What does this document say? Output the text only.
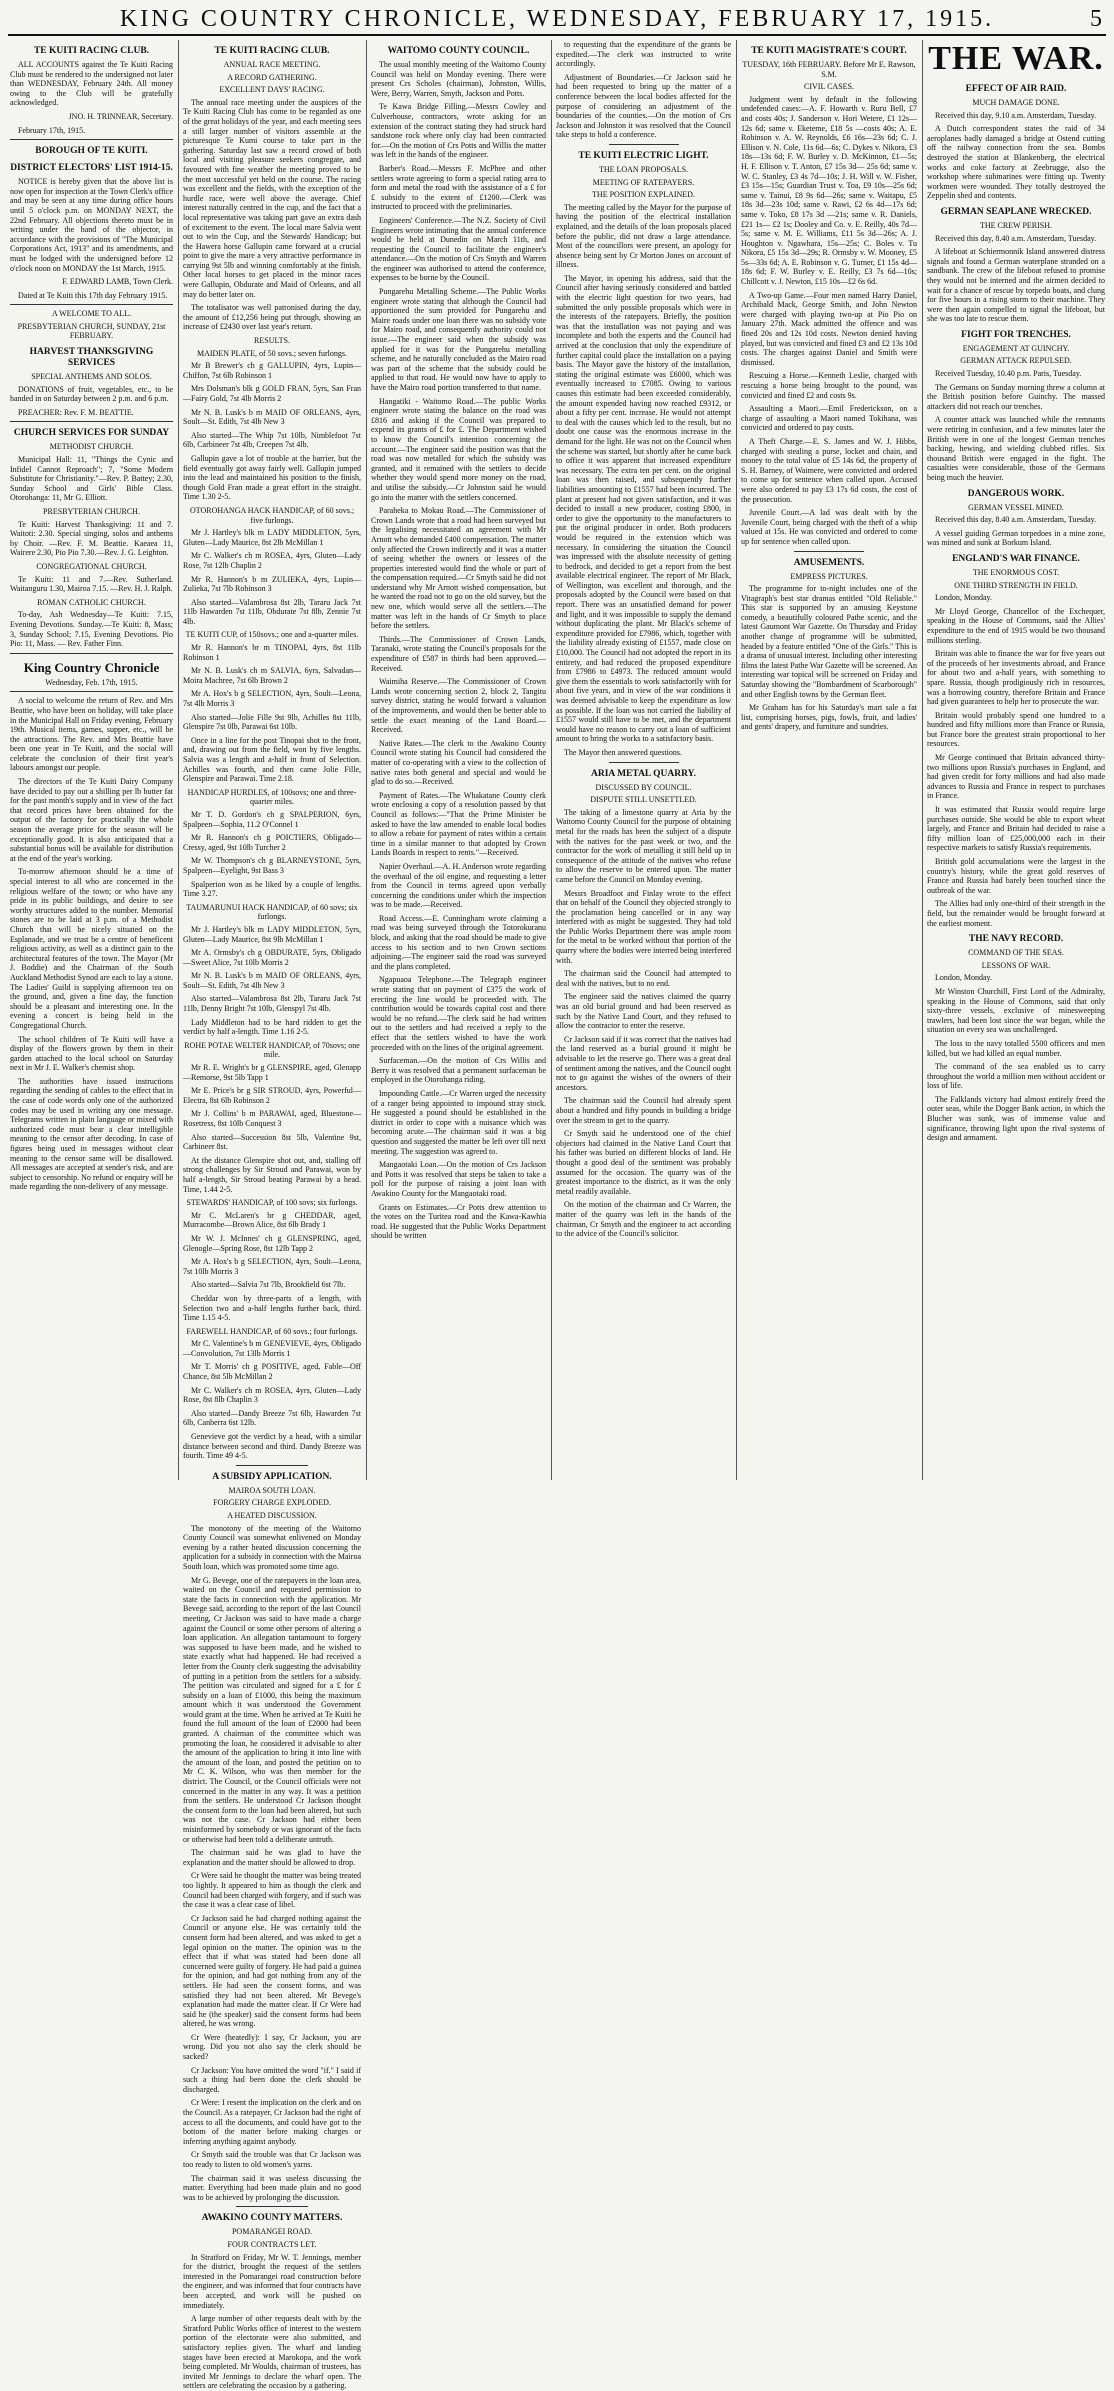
KING COUNTRY CHRONICLE, WEDNESDAY, FEBRUARY 17, 1915.	5
TE KUITI RACING CLUB.
ALL ACCOUNTS against the Te Kuiti Racing Club must be rendered to the undersigned not later than WEDNESDAY, February 24th. All money owing to the Club will be gratefully acknowledged.
JNO. H. TRINNEAR, Secretary.
February 17th, 1915.
BOROUGH OF TE KUITI.
DISTRICT ELECTORS' LIST 1914-15.
NOTICE is hereby given that the above list is now open for inspection at the Town Clerk's office and may be seen at any time during office hours until 5 o'clock p.m. on MONDAY NEXT, the 22nd February. All objections thereto must be in writing under the hand of the objector, in accordance with the provisions of "The Municipal Corporations Act, 1913" and its amendments, and must be lodged with the undersigned before 12 o'clock noon on MONDAY the 1st March, 1915.
F. EDWARD LAMB, Town Clerk.
Dated at Te Kuiti this 17th day February 1915.
A WELCOME TO ALL.
PRESBYTERIAN CHURCH, SUNDAY, 21st FEBRUARY.
HARVEST THANKSGIVING SERVICES
SPECIAL ANTHEMS AND SOLOS.
DONATIONS of fruit, vegetables, etc., to be handed in on Saturday between 2 p.m. and 6 p.m.
PREACHER: Rev. F. M. BEATTIE.
CHURCH SERVICES FOR SUNDAY
METHODIST CHURCH.
Municipal Hall: 11, "Things the Cynic and Infidel Cannot Reproach"; 7, "Some Modern Substitute for Christianity."—Rev. P. Battey; 2.30, Sunday School and Girls' Bible Class. Otorohanga: 11, Mr G. Elliott.
PRESBYTERIAN CHURCH.
Te Kuiti: Harvest Thanksgiving: 11 and 7. Waitoti: 2.30. Special singing, solos and anthems by Choir. —Rev. F. M. Beattie. Kaeaea 11, Wairere 2.30, Pio Pio 7.30.—Rev. J. G. Leighton.
CONGREGATIONAL CHURCH.
Te Kuiti: 11 and 7.—Rev. Sutherland. Waitanguru 1.30, Mairoa 7.15. —Rev. H. J. Ralph.
ROMAN CATHOLIC CHURCH.
To-day, Ash Wednesday—Te Kuiti: 7.15, Evening Devotions. Sunday.—Te Kuiti: 8, Mass; 3, Sunday School; 7.15, Evening Devotions. Pio Pio: 11, Mass. — Rev. Father Finn.
King Country Chronicle
Wednesday, Feb. 17th, 1915.
A social to welcome the return of Rev. and Mrs Beattie, who have been on holiday, will take place in the Municipal Hall on Friday evening, February 19th. Musical items, games, supper, etc., will be the attractions. The Rev. and Mrs Beattie have been one year in Te Kuiti, and the social will celebrate the conclusion of their first year's labours amongst our people.
The directors of the Te Kuiti Dairy Company have decided to pay out a shilling per lb butter fat for the past month's supply and in view of the fact that record prices have been obtained for the output of the factory for practically the whole season the average price for the season will be exceptionally good. It is also anticipated that a substantial bonus will be available for distribution at the end of the year's working.
To-morrow afternoon should be a time of special interest to all who are concerned in the religious welfare of the town; or who have any pride in its public buildings, and desire to see worthy structures added to the number. Memorial stones are to be laid at 3 p.m. of a Methodist Church that will be nicely situated on the Esplanade, and we trust be a centre of beneficent religious activity, as well as a distinct gain to the architectural features of the town. The Mayor (Mr J. Boddie) and the Chairman of the South Auckland Methodist Synod are each to lay a stone. The Ladies' Guild is supplying afternoon tea on the ground, and, given a fine day, the function should be a pleasant and interesting one. In the evening a concert is being held in the Congregational Church.
The school children of Te Kuiti will have a display of the flowers grown by them in their garden attached to the local school on Saturday next in Mr J. E. Walker's chemist shop.
The authorities have issued instructions regarding the sending of cables to the effect that in the case of code words only one of the authorized codes may be used in writing any one message. Telegrams written in plain language or mixed with authorized code must bear a clear intelligible meaning to the censor after decoding. In case of figures being used in messages without clear meaning to the censor same will be disallowed. All messages are accepted at sender's risk, and are subject to censorship. No refund or enquiry will be made regarding the non-delivery of any message.
TE KUITI RACING CLUB.
ANNUAL RACE MEETING.
A RECORD GATHERING.
EXCELLENT DAYS' RACING.
The annual race meeting under the auspices of the Te Kuiti Racing Club has come to be regarded as one of the great holidays of the year, and each meeting sees a still larger number of visitors assemble at the picturesque Te Kumi course to take part in the gathering. Saturday last saw a record crowd of both local and visiting pleasure seekers congregate, and favoured with fine weather the meeting proved to be the most successful yet held on the course. The racing was excellent and the fields, with the exception of the hurdle race, were well above the average. Chief interest naturally centred in the cup, and the fact that a local representative was taking part gave an extra dash of excitement to the event. The local mare Salvia went out to win the Cup, and the Stewards' Handicap; but the Hawera horse Gallupin came forward at a crucial point to give the mare a very attractive performance in carrying 9st 5lb and winning comfortably at the finish. Other local horses to get placed in the minor races were Gallupin, Obdurate and Maid of Orleans, and all may do better later on.
The totalisator was well patronised during the day, the amount of £12,256 being put through, showing an increase of £2430 over last year's return.
RESULTS.
MAIDEN PLATE, of 50 sovs.; seven furlongs.
Mr B Brewer's ch g GALLUPIN, 4yrs, Lupin—Chiffon, 7st 6lb Robinson 1
Mrs Dolsman's blk g GOLD FRAN, 5yrs, San Fran—Fairy Gold, 7st 4lb Morris 2
Mr N. B. Lusk's b m MAID OF ORLEANS, 4yrs, Soult—St. Edith, 7st 4lb New 3
Also started—The Whip 7st 10lb, Nimblefoot 7st 6lb, Carbineer 7st 4lb, Creepen 7st 4lb.
Gallupin gave a lot of trouble at the barrier, but the field eventually got away fairly well. Gallupin jumped into the lead and maintained his position to the finish, though Gold Fran made a great effort in the straight. Time 1.30 2-5.
OTOROHANGA HACK HANDICAP, of 60 sovs.; five furlongs.
Mr J. Hartley's blk m LADY MIDDLETON, 5yrs, Gluten—Lady Maurice, 8st 2lb McMillan 1
Mr C. Walker's ch m ROSEA, 4yrs, Gluten—Lady Rose, 7st 12lb Chaplin 2
Mr R. Hannon's b m ZULIEKA, 4yrs, Lupin—Zulieka, 7st 7lb Robinson 3
Also started—Valambrosa 8st 2lb, Tararu Jack 7st 11lb Hawarden 7st 11lb, Obdurate 7st 8lb, Zennie 7st 4lb.
TE KUITI CUP, of 150sovs.; one and a-quarter miles.
Mr R. Hannon's br m TINOPAI, 4yrs, 8st 11lb Robinson 1
Mr N. B. Lusk's ch m SALVIA, 6yrs, Salvadan—Moira Machree, 7st 6lb Brown 2
Mr A. Hox's b g SELECTION, 4yrs, Soult—Leona, 7st 4lb Morris 3
Also started—Jolie Fille 9st 9lb, Achilles 8st 11lb, Glenspire 7st 0lb, Parawai 6st 10lb.
Once in a line for the post Tinopai shot to the front, and, drawing out from the field, won by five lengths. Salvia was a length and a-half in front of Selection. Achilles was fourth, and then came Jolie Fille, Glenspire and Parawai. Time 2.18.
HANDICAP HURDLES, of 100sovs; one and three-quarter miles.
Mr T. D. Gordon's ch g SPALPERION, 6yrs, Spalpeen—Sophia, 11.2 O'Connel 1
Mr R. Hannon's ch g POICTIERS, Obligado—Cressy, aged, 9st 10lb Turcher 2
Mr W. Thompson's ch g BLARNEYSTONE, 5yrs, Spalpeen—Eyelight, 9st Bass 3
Spalperion won as he liked by a couple of lengths. Time 3.27.
TAUMARUNUI HACK HANDICAP, of 60 sovs; six furlongs.
Mr J. Hartley's blk m LADY MIDDLETON, 5yrs, Gluten—Lady Maurice, 8st 9lb McMillan 1
Mr A. Ormsby's ch g OBDURATE, 5yrs, Obligado—Sweet Alice, 7st 10lb Morris 2
Mr N. B. Lusk's b m MAID OF ORLEANS, 4yrs, Soult—St. Edith, 7st 4lb New 3
Also started—Valambrosa 8st 2lb, Tararu Jack 7st 11lb, Denny Bright 7st 10lb, Glenspyl 7st 4lb.
Lady Middleton had to be hard ridden to get the verdict by half a-length. Time 1.16 2-5.
ROHE POTAE WELTER HANDICAP, of 70sovs; one mile.
Mr R. E. Wright's br g GLENSPIRE, aged, Glenapp—Remorse, 9st 5lb Tapp 1
Mr E. Price's br g SIR STROUD, 4yrs, Powerful—Electra, 8st 6lb Robinson 2
Mr J. Collins' b m PARAWAI, aged, Bluestone—Rosetress, 8st 10lb Conquest 3
Also started—Succession 8st 5lb, Valentine 9st, Carbineer 8st.
At the distance Glenspire shot out, and, stalling off strong challenges by Sir Stroud and Parawai, won by half a-length, Sir Stroud beating Parawai by a head. Time, 1.44 2-5.
STEWARDS' HANDICAP, of 100 sovs; six furlongs.
Mr C. McLaren's br g CHEDDAR, aged, Murracombe—Brown Alice, 8st 6lb Brady 1
Mr W. J. McInnes' ch g GLENSPRING, aged, Glenogle—Spring Rose, 8st 12lb Tapp 2
Mr A. Hox's b g SELECTION, 4yrs, Soult—Leona, 7st 10lb Morris 3
Also started—Salvia 7st 7lb, Brookfield 6st 7lb.
Cheddar won by three-parts of a length, with Selection two and a-half lengths further back, third. Time 1.15 4-5.
FAREWELL HANDICAP, of 60 sovs.; four furlongs.
Mr C. Valentine's b m GENEVIEVE, 4yrs, Obligado—Convolution, 7st 13lb Morris 1
Mr T. Morris' ch g POSITIVE, aged, Fable—Off Chance, 8st 5lb McMillan 2
Mr C. Walker's ch m ROSEA, 4yrs, Gluten—Lady Rose, 8st 8lb Chaplin 3
Also started—Dandy Breeze 7st 6lb, Hawarden 7st 6lb, Canberra 6st 12lb.
Genevieve got the verdict by a head, with a similar distance between second and third. Dandy Breeze was fourth. Time 49 4-5.
A SUBSIDY APPLICATION.
MAIROA SOUTH LOAN.
FORGERY CHARGE EXPLODED.
A HEATED DISCUSSION.
The monotony of the meeting of the Waitomo County Council was somewhat enlivened on Monday evening by a rather heated discussion concerning the application for a subsidy in connection with the Mairoa South loan, which was promoted some time ago.
Mr G. Bevege, one of the ratepayers in the loan area, waited on the Council and requested permission to state the facts in connection with the application. Mr Bevege said, according to the report of the last Council meeting, Cr Jackson was said to have made a charge against the Council or some other persons of altering a loan application. An allegation tantamount to forgery was supposed to have been made, and he wished to state exactly what had happened. He had received a letter from the County clerk suggesting the advisability of putting in a petition from the settlers for a subsidy. The petition was circulated and signed for a £ for £ subsidy on a loan of £1000, this being the maximum amount which it was understood the Government would grant at the time. When he arrived at Te Kuiti he found the full amount of the loan of £2000 had been granted. A chairman of the committee which was promoting the loan, he considered it advisable to alter the amount of the application to bring it into line with the amount of the loan, and posted the petition on to Mr C. K. Wilson, who was then member for the district. The Council, or the Council officials were not concerned in the matter in any way. It was a petition from the settlers. He understood Cr Jackson thought the consent form to the loan had been altered, but such was not the case. Cr Jackson had either been misinformed by somebody or was ignorant of the facts or otherwise had been told a deliberate untruth.
The chairman said he was glad to have the explanation and the matter should be allowed to drop.
Cr Were said he thought the matter was being treated too lightly. It appeared to him as though the clerk and Council had been charged with forgery, and if such was the case it was a clear case of libel.
Cr Jackson said he had charged nothing against the Council or anyone else. He was certainly told the consent form had been altered, and was asked to get a legal opinion on the matter. The opinion was to the effect that if what was stated had been done all concerned were guilty of forgery. He had paid a guinea for the opinion, and had got nothing from any of the settlers. He had seen the consent forms, and was satisfied they had not been altered. Mr Bevege's explanation had made the matter clear. If Cr Were had said he (the speaker) said the consent forms had been altered, he was wrong.
Cr Were (heatedly): I say, Cr Jackson, you are wrong. Did you not also say the clerk should be sacked?
Cr Jackson: You have omitted the word "if." I said if such a thing had been done the clerk should be discharged.
Cr Were: I resent the implication on the clerk and on the Council. As a ratepayer, Cr Jackson had the right of access to all the documents, and could have got to the bottom of the matter before making charges or inferring anything against anybody.
Cr Smyth said the trouble was that Cr Jackson was too ready to listen to old women's yarns.
The chairman said it was useless discussing the matter. Everything had been made plain and no good was to be achieved by prolonging the discussion.
AWAKINO COUNTY MATTERS.
POMARANGEI ROAD.
FOUR CONTRACTS LET.
In Stratford on Friday, Mr W. T. Jennings, member for the district, brought the request of the settlers interested in the Pomarangei road construction before the engineer, and was informed that four contracts have been accepted, and work will be pushed on immediately.
A large number of other requests dealt with by the Stratford Public Works office of interest to the western portion of the electorate were also submitted, and satisfactory replies given. The wharf and landing stages have been erected at Marokopa, and the work being completed. Mr Woulds, chairman of trustees, has invited Mr Jennings to declare the wharf open. The settlers are celebrating the occasion by a gathering.
WAITOMO COUNTY COUNCIL.
The usual monthly meeting of the Waitomo County Council was held on Monday evening. There were present Crs Scholes (chairman), Johnston, Willis, Were, Berry, Warren, Smyth, Jackson and Potts.
Te Kawa Bridge Filling.—Messrs Cowley and Culverhouse, contractors, wrote asking for an extension of the contract stating they had struck hard sandstone rock where only clay had been contracted for.—On the motion of Crs Potts and Willis the matter was left in the hands of the engineer.
Barber's Road.—Messrs F. McPhee and other settlers wrote agreeing to form a special rating area to form and metal the road with the assistance of a £ for £ subsidy to the extent of £1200.—Clerk was instructed to proceed with the preliminaries.
Engineers' Conference.—The N.Z. Society of Civil Engineers wrote intimating that the annual conference would be held at Dunedin on March 11th, and requesting the Council to facilitate the engineer's attendance.—On the motion of Crs Smyth and Warren the engineer was authorised to attend the conference, expenses to be borne by the Council.
Pungarehu Metalling Scheme.—The Public Works engineer wrote stating that although the Council had apportioned the sum provided for Pungarehu and Maire roads under one loan there was no subsidy vote for Mairo road, and consequently authority could not issue.—The engineer said when the subsidy was applied for it was for the Pungarehu metalling scheme, and he naturally concluded as the Mairo road was part of the scheme that the subsidy could be applied to that road. He would now have to apply to have the Mairo road portion transferred to that name.
Hangatiki - Waitomo Road.—The public Works engineer wrote stating the balance on the road was £816 and asking if the Council was prepared to expend its grants of £ for £. The Department wished to know the Council's intention concerning the account.—The engineer said the position was that the road was now metalled for which the subsidy was granted, and it remained with the settlers to decide whether they would spend more money on the road, and utilise the subsidy.—Cr Johnston said he would go into the matter with the settlers concerned.
Paraheka to Mokau Road.—The Commissioner of Crown Lands wrote that a road had been surveyed but the legalising necessitated an agreement with Mr Arnott who demanded £400 compensation. The matter only affected the Crown indirectly and it was a matter of seeing whether the owners or lessees of the properties interested would find the whole or part of the compensation required.—Cr Smyth said he did not understand why Mr Arnott wished compensation, but he wanted the road not to go on the old survey, but the new one, which would serve all the settlers.—The matter was left in the hands of Cr Smyth to place before the settlers.
Thirds.—The Commissioner of Crown Lands, Taranaki, wrote stating the Council's proposals for the expenditure of £587 in thirds had been approved.—Received.
Waimiha Reserve.—The Commissioner of Crown Lands wrote concerning section 2, block 2, Tangitu survey district, stating he would forward a valuation of the improvements, and would then be better able to settle the exact meaning of the Land Board.—Received.
Native Rates.—The clerk to the Awakino County Council wrote stating his Council had considered the matter of co-operating with a view to the collection of native rates both general and special and would be glad to do so.—Received.
Payment of Rates.—The Whakatane County clerk wrote enclosing a copy of a resolution passed by that Council as follows:—"That the Prime Minister be asked to have the law amended to enable local bodies to allow a rebate for payment of rates within a certain time in a similar manner to that adopted by Crown Lands Boards in respect to rents."—Received.
Napier Overhaul.—A. H. Anderson wrote regarding the overhaul of the oil engine, and requesting a letter from the Council in terms agreed upon verbally concerning the conditions under which the inspection was to be made.—Received.
Road Access.—E. Cunningham wrote claiming a road was being surveyed through the Totorokuranu block, and asking that the road should be made to give access to his section and to two Crown sections adjoining.—The engineer said the road was surveyed and the plans completed.
Ngapuaoa Telephone.—The Telegraph engineer wrote stating that on payment of £375 the work of erecting the line would be proceeded with. The contribution would be towards capital cost and there would be no refund.—The clerk said he had written out to the settlers and had received a reply to the effect that the settlers wished to have the work proceeded with on the lines of the original agreement.
Surfaceman.—On the motion of Crs Willis and Berry it was resolved that a permanent surfaceman be employed in the Otorohanga riding.
Impounding Cattle.—Cr Warren urged the necessity of a ranger being appointed to impound stray stock. He suggested a pound should be established in the district in order to cope with a nuisance which was becoming acute.—The chairman said it was a big question and suggested the matter be left over till next meeting. The suggestion was agreed to.
Mangaotaki Loan.—On the motion of Crs Jackson and Potts it was resolved that steps be taken to take a poll for the purpose of raising a joint loan with Awakino County for the Mangaotaki road.
Grants on Estimates.—Cr Potts drew attention to the votes on the Turitea road and the Kawa-Kawhia road. He suggested that the Public Works Department should be written
to requesting that the expenditure of the grants be expedited.—The clerk was instructed to write accordingly.
Adjustment of Boundaries.—Cr Jackson said he had been requested to bring up the matter of a conference between the local bodies affected for the purpose of considering an adjustment of the boundaries of the counties.—On the motion of Crs Jackson and Johnston it was resolved that the Council take steps to hold a conference.
TE KUITI ELECTRIC LIGHT.
THE LOAN PROPOSALS.
MEETING OF RATEPAYERS.
THE POSITION EXPLAINED.
The meeting called by the Mayor for the purpose of having the position of the electrical installation explained, and the details of the loan proposals placed before the public, did not draw a large attendance. Most of the councillors were present, an apology for absence being sent by Cr Morton Jones on account of illness.
The Mayor, in opening his address, said that the Council after having seriously considered and battled with the electric light question for two years, had submitted the only possible proposals which were in the interests of the ratepayers. Briefly, the position was that the installation was not paying and was incomplete and both the experts and the Council had arrived at the conclusion that only the expenditure of further capital could place the installation on a paying basis. The Mayor gave the history of the installation, stating the original estimate was £6000, which was eventually increased to £7085. Owing to various causes this estimate had been exceeded considerably, the amount expended having now reached £9312, or about a fifty per cent. increase. He would not attempt to deal with the causes which led to the result, but no doubt one cause was the enormous increase in the demand for the light. He was not on the Council when the scheme was started, but shortly after he came back to office it was apparent that increased expenditure was necessary. The extra ten per cent. on the original loan was then raised, and subsequently further liabilities amounting to £1557 had been incurred. The plant at present had not given satisfaction, and it was decided to install a new producer, costing £800, in order to give the opportunity to the manufacturers to put the original producer in order. Both producers would be required in the extension which was necessary. In considering the situation the Council was impressed with the absolute necessity of getting to bedrock, and decided to get a report from the best available electrical engineer. The report of Mr Black, of Wellington, was excellent and thorough, and the proposals adopted by the Council were based on that report. There was an unsatisfied demand for power and light, and it was impossible to supply the demand without duplicating the plant. Mr Black's scheme of expenditure provided for £7986, which, together with the liability already existing of £1557, made close on £10,000. The Council had not adopted the report in its entirety, and had reduced the proposed expenditure from £7986 to £4973. The reduced amount would give them the essentials to work satisfactorily with for about five years, and in view of the war conditions it was deemed advisable to keep the expenditure as low as possible. If the loan was not carried the liability of £1557 would still have to be met, and the department would have no reason to carry out a loan of sufficient amount to bring the works to a satisfactory basis.
The Mayor then answered questions.
ARIA METAL QUARRY.
DISCUSSED BY COUNCIL.
DISPUTE STILL UNSETTLED.
The taking of a limestone quarry at Aria by the Waitomo County Council for the purpose of obtaining metal for the roads has been the subject of a dispute with the natives for the past week or two, and the contractor for the work of metalling it still held up in consequence of the attitude of the natives who refuse to allow the reserve to be entered upon. The matter came before the Council on Monday evening.
Messrs Broadfoot and Finlay wrote to the effect that on behalf of the Council they objected strongly to the proclamation being cancelled or in any way interfered with as might be suggested. They had told the Public Works Department there was ample room for the metal to be worked without that portion of the quarry where the bodies were interred being interfered with.
The chairman said the Council had attempted to deal with the natives, but to no end.
The engineer said the natives claimed the quarry was an old burial ground and had been reserved as such by the Native Land Court, and they refused to allow the contractor to enter the reserve.
Cr Jackson said if it was correct that the natives had the land reserved as a burial ground it might be advisable to let the reserve go. There was a great deal of sentiment among the natives, and the Council ought not to go against the wishes of the owners of their ancestors.
The chairman said the Council had already spent about a hundred and fifty pounds in building a bridge over the stream to get to the quarry.
Cr Smyth said he understood one of the chief objectors had claimed in the Native Land Court that his father was buried on different blocks of land. He thought a good deal of the sentiment was probably assumed for the occasion. The quarry was of the greatest importance to the district, as it was the only metal readily available.
On the motion of the chairman and Cr Warren, the matter of the quarry was left in the hands of the chairman, Cr Smyth and the engineer to act according to the advice of the Council's solicitor.
TE KUITI MAGISTRATE'S COURT.
TUESDAY, 16th FEBRUARY. Before Mr E. Rawson, S.M.
CIVIL CASES.
Judgment went by default in the following undefended cases:—A. F. Howarth v. Ruru Bell, £7 and costs 40s; J. Sanderson v. Hori Wetere, £1 12s—12s 6d; same v. Eketeme, £18 5s —costs 40s; A. E. Robinson v. A. W. Reynolds, £6 16s—23s 6d; C. J. Ellison v. N. Cole, 11s 6d—6s; C. Dykes v. Nikora, £3 18s—13s 6d; F. W. Burley v. D. McKinnon, £1—5s; H. F. Ellison v. T. Anton, £7 15s 3d— 25s 6d; same v. W. C. Stanley, £3 4s 7d—10s; J. H. Will v. W. Fisher, £3 15s—15s; Guardian Trust v. Toa, £9 10s—25s 6d; same v. Tainui, £8 9s 6d—26s; same v. Waitapu, £5 18s 3d—23s 10d; same v. Rawi, £2 6s 4d—17s 6d; same v. Toko, £8 17s 3d —21s; same v. R. Daniels, £21 1s— £2 1s; Dooley and Co. v. E. Reilly, 40s 7d—5s; same v. M. E. Williams, £11 5s 3d—26s; A. J. Houghton v. Ngawhara, 15s—25s; C. Boles v. Tu Nikora, £5 15s 3d—29s; R. Ormsby v. W. Mooney, £5 5s—33s 6d; A. E. Robinson v. G. Turner, £1 15s 4d— 18s 6d; F. W. Burley v. E. Reilly, £3 7s 6d—10s; Chillcott v. J. Newton, £15 10s—£2 6s 6d.
A Two-up Game.—Four men named Harry Daniel, Archibald Mack, George Smith, and John Newton were charged with playing two-up at Pio Pio on January 27th. Mack admitted the offence and was fined 20s and 12s 10d costs. Newton denied having played, but was convicted and fined £3 and £2 13s 10d costs. The charges against Daniel and Smith were dismissed.
Rescuing a Horse.—Kenneth Leslie, charged with rescuing a horse being brought to the pound, was convicted and fined £2 and costs 9s.
Assaulting a Maori.—Emil Frederickson, on a charge of assaulting a Maori named Tokihana, was convicted and ordered to pay costs.
A Theft Charge.—E. S. James and W. J. Hibbs, charged with stealing a purse, locket and chain, and money to the total value of £5 14s 6d, the property of S. H. Barney, of Waimere, were convicted and ordered to come up for sentence when called upon. Accused were also ordered to pay £3 17s 6d costs, the cost of the prosecution.
Juvenile Court.—A lad was dealt with by the Juvenile Court, being charged with the theft of a whip valued at 15s. He was convicted and ordered to come up for sentence when called upon.
AMUSEMENTS.
EMPRESS PICTURES.
The programme for to-night includes one of the Vitagraph's best star dramas entitled "Old Reliable." This star is supported by an amusing Keystone comedy, a beautifully coloured Pathe scenic, and the latest Gaumont War Gazette. On Thursday and Friday another change of programme will be submitted, headed by a feature entitled "One of the Girls." This is a drama of unusual interest. Including other interesting films the latest Pathe War Gazette will be screened. An interesting war topical will be screened on Friday and Saturday showing the "Bombardment of Scarborough" and other English towns by the German fleet.
Mr Graham has for his Saturday's mart sale a fat list, comprising horses, pigs, fowls, fruit, and ladies' and gents' drapery, and furniture and sundries.
THE WAR.
EFFECT OF AIR RAID.
MUCH DAMAGE DONE.
Received this day, 9.10 a.m. Amsterdam, Tuesday.
A Dutch correspondent states the raid of 34 aeroplanes badly damaged a bridge at Ostend cutting off the railway connection from the sea. Bombs destroyed the station at Blankenberg, the electrical works and coke factory at Zeebrugge, also the workshop where submarines were fitting up. Twenty workmen were wounded. They totally destroyed the Zeppelin shed and contents.
GERMAN SEAPLANE WRECKED.
THE CREW PERISH.
Received this day, 8.40 a.m. Amsterdam, Tuesday.
A lifeboat at Schiermonnik Island answered distress signals and found a German waterplane stranded on a sandbank. The crew of the lifeboat refused to promise they would not be interned and the airmen decided to wait for a chance of rescue by torpedo boats, and clung for five hours in a rising storm to their machine. They were then again compelled to signal the lifeboat, but she was too late to rescue them.
FIGHT FOR TRENCHES.
ENGAGEMENT AT GUINCHY.
GERMAN ATTACK REPULSED.
Received Tuesday, 10.40 p.m. Paris, Tuesday.
The Germans on Sunday morning threw a column at the British position before Guinchy. The massed attackers did not reach our trenches.
A counter attack was launched while the remnants were retiring in confusion, and a few minutes later the British were in one of the longest German trenches backing, hewing, and wielding clubbed rifles. Six thousand British were engaged in the fight. The casualties were considerable, those of the Germans being much the heavier.
DANGEROUS WORK.
GERMAN VESSEL MINED.
Received this day, 8.40 a.m. Amsterdam, Tuesday.
A vessel guiding German torpedoes in a mine zone, was mined and sunk at Borkum Island.
ENGLAND'S WAR FINANCE.
THE ENORMOUS COST.
ONE THIRD STRENGTH IN FIELD.
London, Monday.
Mr Lloyd George, Chancellor of the Exchequer, speaking in the House of Commons, said the Allies' expenditure to the end of 1915 would be two thousand millions sterling.
Britain was able to finance the war for five years out of the proceeds of her investments abroad, and France for about two and a-half years, with something to spare. Russia, though prodigiously rich in resources, was a borrowing country, therefore Britain and France had given guarantees to help her to prosecute the war.
Britain would probably spend one hundred to a hundred and fifty millions more than France or Russia, but France bore the greatest strain proportional to her resources.
Mr George continued that Britain advanced thirty-two millions upon Russia's purchases in England, and had given credit for forty millions and had also made advances to Russia and France in respect to purchases in France.
It was estimated that Russia would require large purchases outside. She would be able to export wheat largely, and France and Britain had decided to raise a fifty million loan of £25,000,000 each in their respective markets to satisfy Russia's requirements.
British gold accumulations were the largest in the country's history, while the great gold reserves of France and Russia had barely been touched since the outbreak of the war.
The Allies had only one-third of their strength in the field, but the remainder would be brought forward at the earliest moment.
THE NAVY RECORD.
COMMAND OF THE SEAS.
LESSONS OF WAR.
London, Monday.
Mr Winston Churchill, First Lord of the Admiralty, speaking in the House of Commons, said that only sixty-three vessels, exclusive of minesweeping trawlers, had been lost since the war began, while the situation on every sea was unchallenged.
The loss to the navy totalled 5500 officers and men killed, but we had killed an equal number.
The command of the sea enabled us to carry throughout the world a million men without accident or loss of life.
The Falklands victory had almost entirely freed the outer seas, while the Dogger Bank action, in which the Blucher was sunk, was of immense value and significance, throwing light upon the rival systems of design and armament.
